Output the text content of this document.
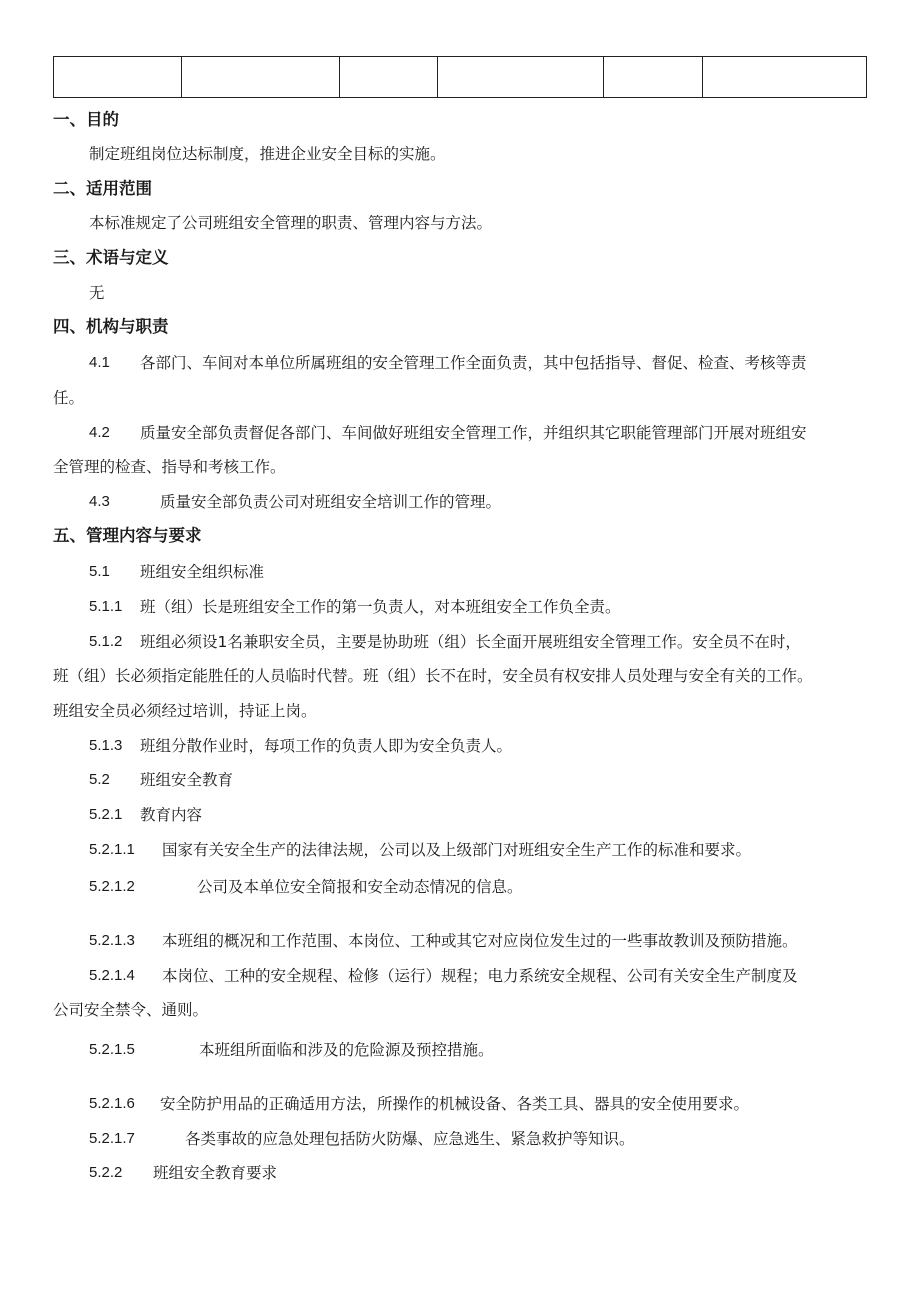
一、目的
制定班组岗位达标制度，推进企业安全目标的实施。
二、适用范围
本标准规定了公司班组安全管理的职责、管理内容与方法。
三、术语与定义
无
四、机构与职责
4.1 各部门、车间对本单位所属班组的安全管理工作全面负责，其中包括指导、督促、检查、考核等责
任。
4.2 质量安全部负责督促各部门、车间做好班组安全管理工作，并组织其它职能管理部门开展对班组安
全管理的检查、指导和考核工作。
4.3	质量安全部负责公司对班组安全培训工作的管理。
五、管理内容与要求
5.1 班组安全组织标准
5.1.1 班（组）长是班组安全工作的第一负责人，对本班组安全工作负全责。
5.1.2 班组必须设1名兼职安全员，主要是协助班（组）长全面开展班组安全管理工作。安全员不在时，
班（组）长必须指定能胜任的人员临时代替。班（组）长不在时，安全员有权安排人员处理与安全有关的工作。
班组安全员必须经过培训，持证上岗。
5.1.3 班组分散作业时，每项工作的负责人即为安全负责人。
5.2 班组安全教育
5.2.1 教育内容
5.2.1.1 国家有关安全生产的法律法规，公司以及上级部门对班组安全生产工作的标准和要求。
5.2.1.2	公司及本单位安全简报和安全动态情况的信息。
5.2.1.3 本班组的概况和工作范围、本岗位、工种或其它对应岗位发生过的一些事故教训及预防措施。
5.2.1.4 本岗位、工种的安全规程、检修（运行）规程；电力系统安全规程、公司有关安全生产制度及
公司安全禁令、通则。
5.2.1.5	本班组所面临和涉及的危险源及预控措施。
5.2.1.6 安全防护用品的正确适用方法，所操作的机械设备、各类工具、器具的安全使用要求。
5.2.1.7	各类事故的应急处理包括防火防爆、应急逃生、紧急救护等知识。
5.2.2 班组安全教育要求
